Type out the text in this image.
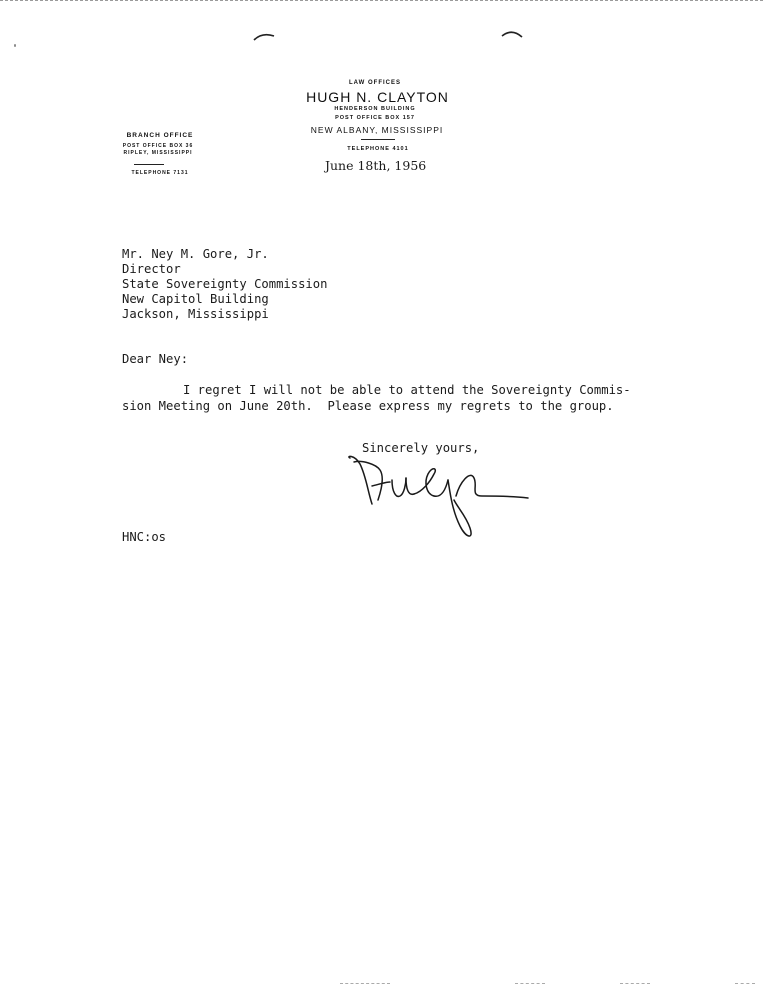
LAW OFFICES
HUGH N. CLAYTON
HENDERSON BUILDING
POST OFFICE BOX 157
NEW ALBANY, MISSISSIPPI
TELEPHONE 4101
BRANCH OFFICE
POST OFFICE BOX 36
RIPLEY, MISSISSIPPI
TELEPHONE 7131	June 18th, 1956
Mr. Ney M. Gore, Jr.
Director
State Sovereignty Commission
New Capitol Building
Jackson, Mississippi
Dear Ney:
I regret I will not be able to attend the Sovereignty Commis-
sion Meeting on June 20th.  Please express my regrets to the group.
Sincerely yours,
HNC:os
